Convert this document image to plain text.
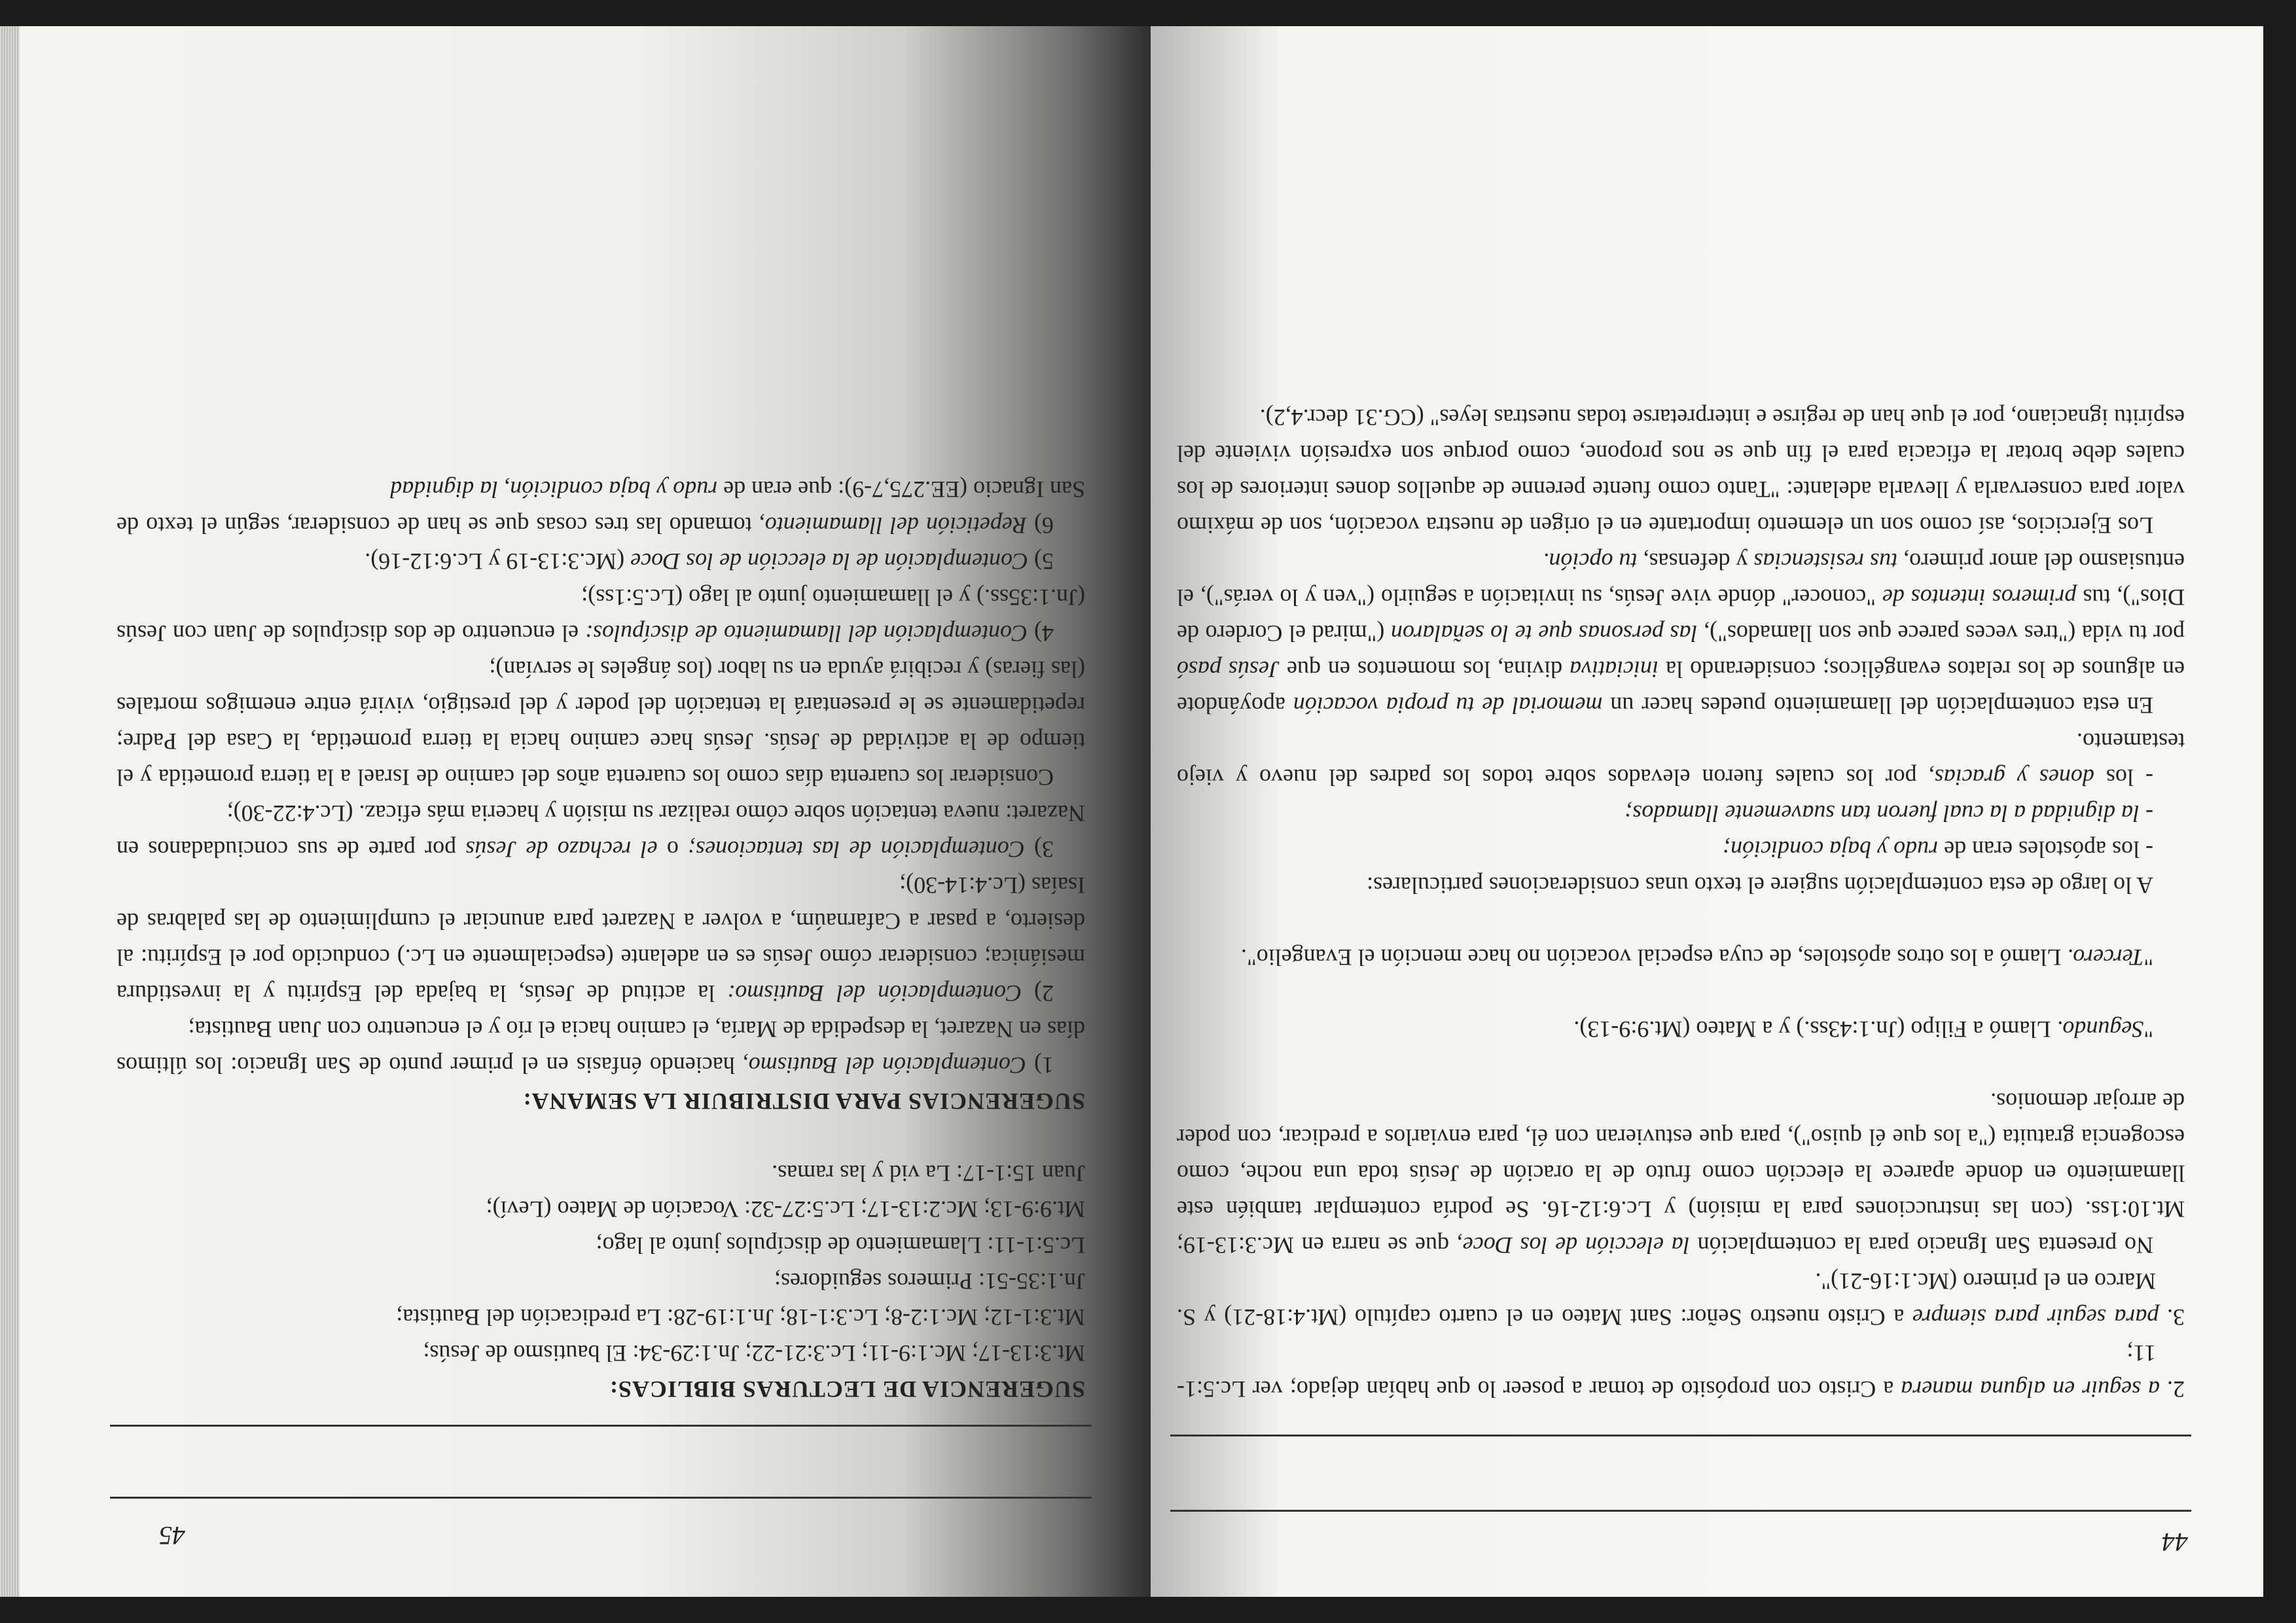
44

2. a seguir en alguna manera a Cristo con propósito de tomar a poseer lo que habían dejado; ver Lc.5:1-11;

3. para seguir para siempre a Cristo nuestro Señor: Sant Mateo en el cuarto capítulo (Mt.4:18-21) y S. Marco en el primero (Mc.1:16-21)".

No presenta San Ignacio para la contemplación la elección de los Doce, que se narra en Mc.3:13-19; Mt.10:1ss. (con las instrucciones para la misión) y Lc.6:12-16. Se podría contemplar también este llamamiento en donde aparece la elección como fruto de la oración de Jesús toda una noche, como escogencia gratuita ("a los que él quiso"), para que estuvieran con él, para enviarlos a predicar, con poder de arrojar demonios.

"Segundo. Llamó a Filipo (Jn.1:43ss.) y a Mateo (Mt.9:9-13).

"Tercero. Llamó a los otros apóstoles, de cuya especial vocación no hace mención el Evangelio".

A lo largo de esta contemplación sugiere el texto unas consideraciones particulares:

- los apóstoles eran de rudo y baja condición;

- la dignidad a la cual fueron tan suavemente llamados;

- los dones y gracias, por los cuales fueron elevados sobre todos los padres del nuevo y viejo testamento.

En esta contemplación del llamamiento puedes hacer un memorial de tu propia vocación apoyándote en algunos de los relatos evangélicos; considerando la iniciativa divina, los momentos en que Jesús pasó por tu vida ("tres veces parece que son llamados"), las personas que te lo señalaron ("mirad el Cordero de Dios"), tus primeros intentos de "conocer" dónde vive Jesús, su invitación a seguirlo ("ven y lo verás"), el entusiasmo del amor primero, tus resistencias y defensas, tu opción.

Los Ejercicios, así como son un elemento importante en el origen de nuestra vocación, son de máximo valor para conservarla y llevarla adelante: "Tanto como fuente perenne de aquellos dones interiores de los cuales debe brotar la eficacia para el fin que se nos propone, como porque son expresión viviente del espíritu ignaciano, por el que han de regirse e interpretarse todas nuestras leyes" (CG.31 decr.4,2).

45

SUGERENCIA DE LECTURAS BIBLICAS:

Mt.3:13-17; Mc.1:9-11; Lc.3:21-22; Jn.1:29-34: El bautismo de Jesús;

Mt.3:1-12; Mc.1:2-8; Lc.3:1-18; Jn.1:19-28: La predicación del Bautista;

Jn.1:35-51: Primeros seguidores;

Lc.5:1-11: Llamamiento de discípulos junto al lago;

Mt.9:9-13; Mc.2:13-17; Lc.5:27-32: Vocación de Mateo (Leví);

Juan 15:1-17: La vid y las ramas.

SUGERENCIAS PARA DISTRIBUIR LA SEMANA:

1) Contemplación del Bautismo, haciendo énfasis en el primer punto de San Ignacio: los últimos días en Nazaret, la despedida de María, el camino hacia el río y el encuentro con Juan Bautista;

2) Contemplación del Bautismo: la actitud de Jesús, la bajada del Espíritu y la investidura mesiánica; considerar cómo Jesús es en adelante (especialmente en Lc.) conducido por el Espíritu: al desierto, a pasar a Cafarnaúm, a volver a Nazaret para anunciar el cumplimiento de las palabras de Isaías (Lc.4:14-30);

3) Contemplación de las tentaciones; o el rechazo de Jesús por parte de sus conciudadanos en Nazaret: nueva tentación sobre cómo realizar su misión y haceria más eficaz. (Lc.4:22-30);

Considerar los cuarenta días como los cuarenta años del camino de Israel a la tierra prometida y el tiempo de la actividad de Jesús. Jesús hace camino hacia la tierra prometida, la Casa del Padre; repetidamente se le presentará la tentación del poder y del prestigio, vivirá entre enemigos mortales (las fieras) y recibirá ayuda en su labor (los ángeles le servían);

4) Contemplación del llamamiento de discípulos: el encuentro de dos discípulos de Juan con Jesús (Jn.1:35ss.) y el llamamiento junto al lago (Lc.5:1ss);

5) Contemplación de la elección de los Doce (Mc.3:13-19 y Lc.6:12-16).

6) Repetición del llamamiento, tomando las tres cosas que se han de considerar, según el texto de San Ignacio (EE.275,7-9): que eran de rudo y baja condición, la dignidad
